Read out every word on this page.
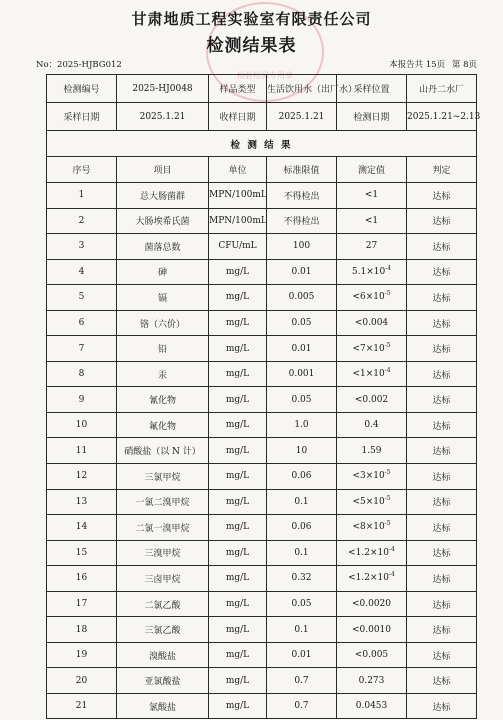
检验检测专用章
甘肃地质工程实验室有限责任公司
检测结果表
No：2025-HJBG012	本报告共 15页 第 8页
检测编号	2025-HJ0048	样品类型	生活饮用水（出厂水）	采样位置	山丹二水厂
采样日期	2025.1.21	收样日期	2025.1.21	检测日期	2025.1.21~2.13
检 测 结 果					
序号	项目	单位	标准限值	测定值	判定
1	总大肠菌群	MPN/100mL	不得检出	<1	达标
2	大肠埃希氏菌	MPN/100mL	不得检出	<1	达标
3	菌落总数	CFU/mL	100	27	达标
4	砷	mg/L	0.01	$5.1\times 10^{-4}$	达标
5	镉	mg/L	0.005	$<6\times 10^{-5}$	达标
6	铬（六价）	mg/L	0.05	<0.004	达标
7	铅	mg/L	0.01	$<7\times 10^{-5}$	达标
8	汞	mg/L	0.001	$<1\times 10^{-4}$	达标
9	氰化物	mg/L	0.05	<0.002	达标
10	氟化物	mg/L	1.0	0.4	达标
11	硝酸盐（以 N 计）	mg/L	10	1.59	达标
12	三氯甲烷	mg/L	0.06	$<3\times 10^{-5}$	达标
13	一氯二溴甲烷	mg/L	0.1	$<5\times 10^{-5}$	达标
14	二氯一溴甲烷	mg/L	0.06	$<8\times 10^{-5}$	达标
15	三溴甲烷	mg/L	0.1	$<1.2\times 10^{-4}$	达标
16	三卤甲烷	mg/L	0.32	$<1.2\times 10^{-4}$	达标
17	二氯乙酸	mg/L	0.05	<0.0020	达标
18	三氯乙酸	mg/L	0.1	<0.0010	达标
19	溴酸盐	mg/L	0.01	<0.005	达标
20	亚氯酸盐	mg/L	0.7	0.273	达标
21	氯酸盐	mg/L	0.7	0.0453	达标
